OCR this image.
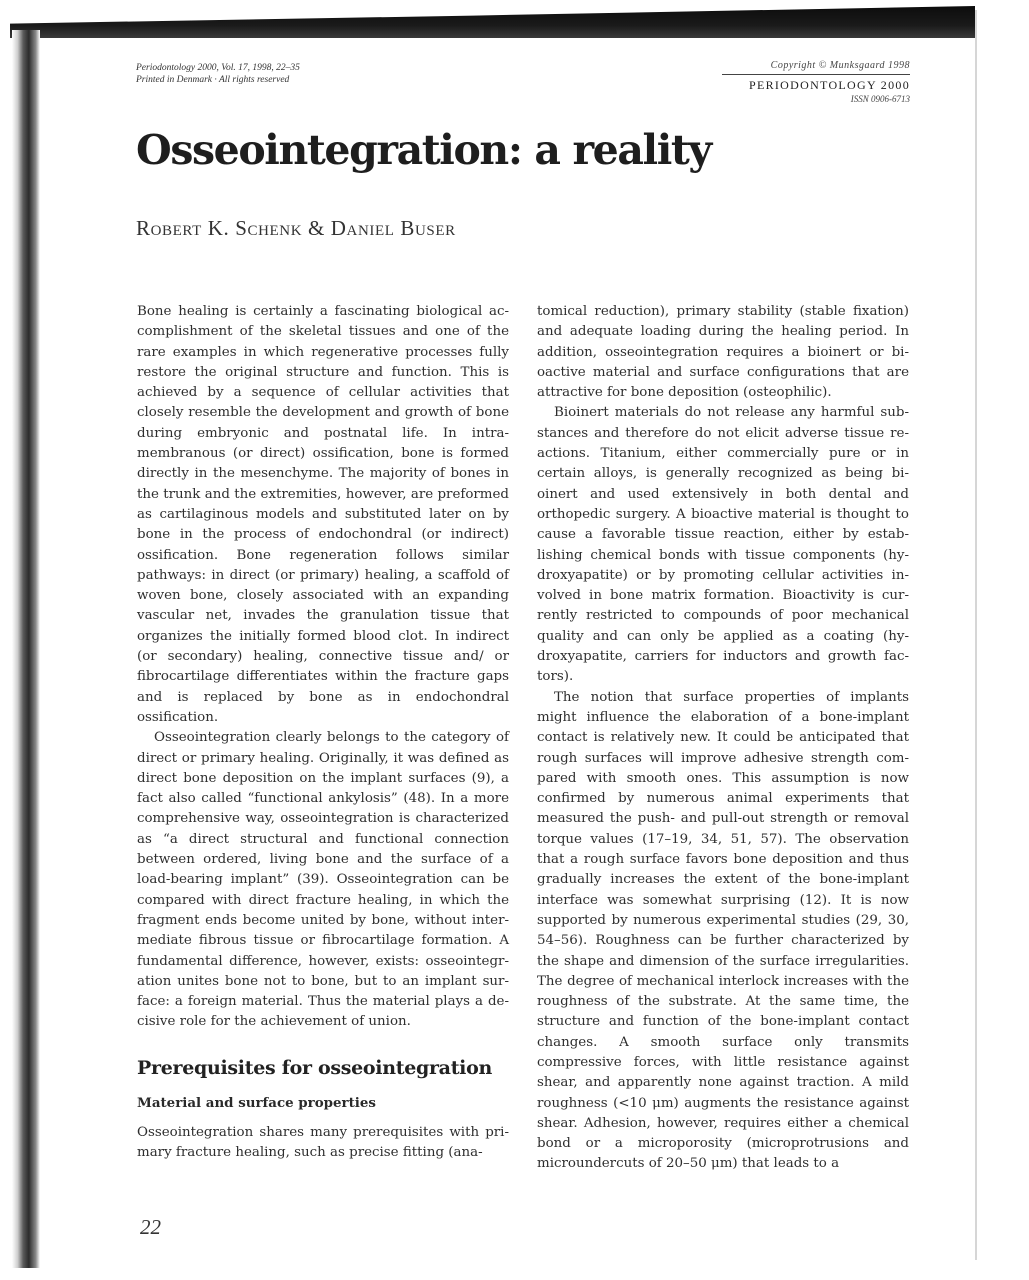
Periodontology 2000, Vol. 17, 1998, 22–35
Printed in Denmark · All rights reserved
Copyright © Munksgaard 1998
PERIODONTOLOGY 2000
ISSN 0906-6713
Osseointegration: a reality
Robert K. Schenk & Daniel Buser

Bone healing is certainly a fascinating biological accomplishment of the skeletal tissues and one of the rare examples in which regenerative processes fully restore the original structure and function. This is achieved by a sequence of cellular activities that closely resemble the development and growth of bone during embryonic and postnatal life. In intramembranous (or direct) ossification, bone is formed directly in the mesenchyme. The majority of bones in the trunk and the extremities, however, are preformed as cartilaginous models and substituted later on by bone in the process of endochondral (or indirect) ossification. Bone regeneration follows similar pathways: in direct (or primary) healing, a scaffold of woven bone, closely associated with an expanding vascular net, invades the granulation tissue that organizes the initially formed blood clot. In indirect (or secondary) healing, connective tissue and/ or fibrocartilage differentiates within the fracture gaps and is replaced by bone as in endochondral ossification.

Osseointegration clearly belongs to the category of direct or primary healing. Originally, it was defined as direct bone deposition on the implant surfaces (9), a fact also called “functional ankylosis” (48). In a more comprehensive way, osseointegration is characterized as “a direct structural and functional connection between ordered, living bone and the surface of a load-bearing implant” (39). Osseointegration can be compared with direct fracture healing, in which the fragment ends become united by bone, without intermediate fibrous tissue or fibrocartilage formation. A fundamental difference, however, exists: osseointegration unites bone not to bone, but to an implant surface: a foreign material. Thus the material plays a decisive role for the achievement of union.

Prerequisites for osseointegration
Material and surface properties

Osseointegration shares many prerequisites with primary fracture healing, such as precise fitting (ana-

tomical reduction), primary stability (stable fixation) and adequate loading during the healing period. In addition, osseointegration requires a bioinert or bioactive material and surface configurations that are attractive for bone deposition (osteophilic).

Bioinert materials do not release any harmful substances and therefore do not elicit adverse tissue reactions. Titanium, either commercially pure or in certain alloys, is generally recognized as being bioinert and used extensively in both dental and orthopedic surgery. A bioactive material is thought to cause a favorable tissue reaction, either by establishing chemical bonds with tissue components (hydroxyapatite) or by promoting cellular activities involved in bone matrix formation. Bioactivity is currently restricted to compounds of poor mechanical quality and can only be applied as a coating (hydroxyapatite, carriers for inductors and growth factors).

The notion that surface properties of implants might influence the elaboration of a bone-implant contact is relatively new. It could be anticipated that rough surfaces will improve adhesive strength compared with smooth ones. This assumption is now confirmed by numerous animal experiments that measured the push- and pull-out strength or removal torque values (17–19, 34, 51, 57). The observation that a rough surface favors bone deposition and thus gradually increases the extent of the bone-implant interface was somewhat surprising (12). It is now supported by numerous experimental studies (29, 30, 54–56). Roughness can be further characterized by the shape and dimension of the surface irregularities. The degree of mechanical interlock increases with the roughness of the substrate. At the same time, the structure and function of the bone-implant contact changes. A smooth surface only transmits compressive forces, with little resistance against shear, and apparently none against traction. A mild roughness (<10 μm) augments the resistance against shear. Adhesion, however, requires either a chemical bond or a microporosity (microprotrusions and microundercuts of 20–50 μm) that leads to a

22
